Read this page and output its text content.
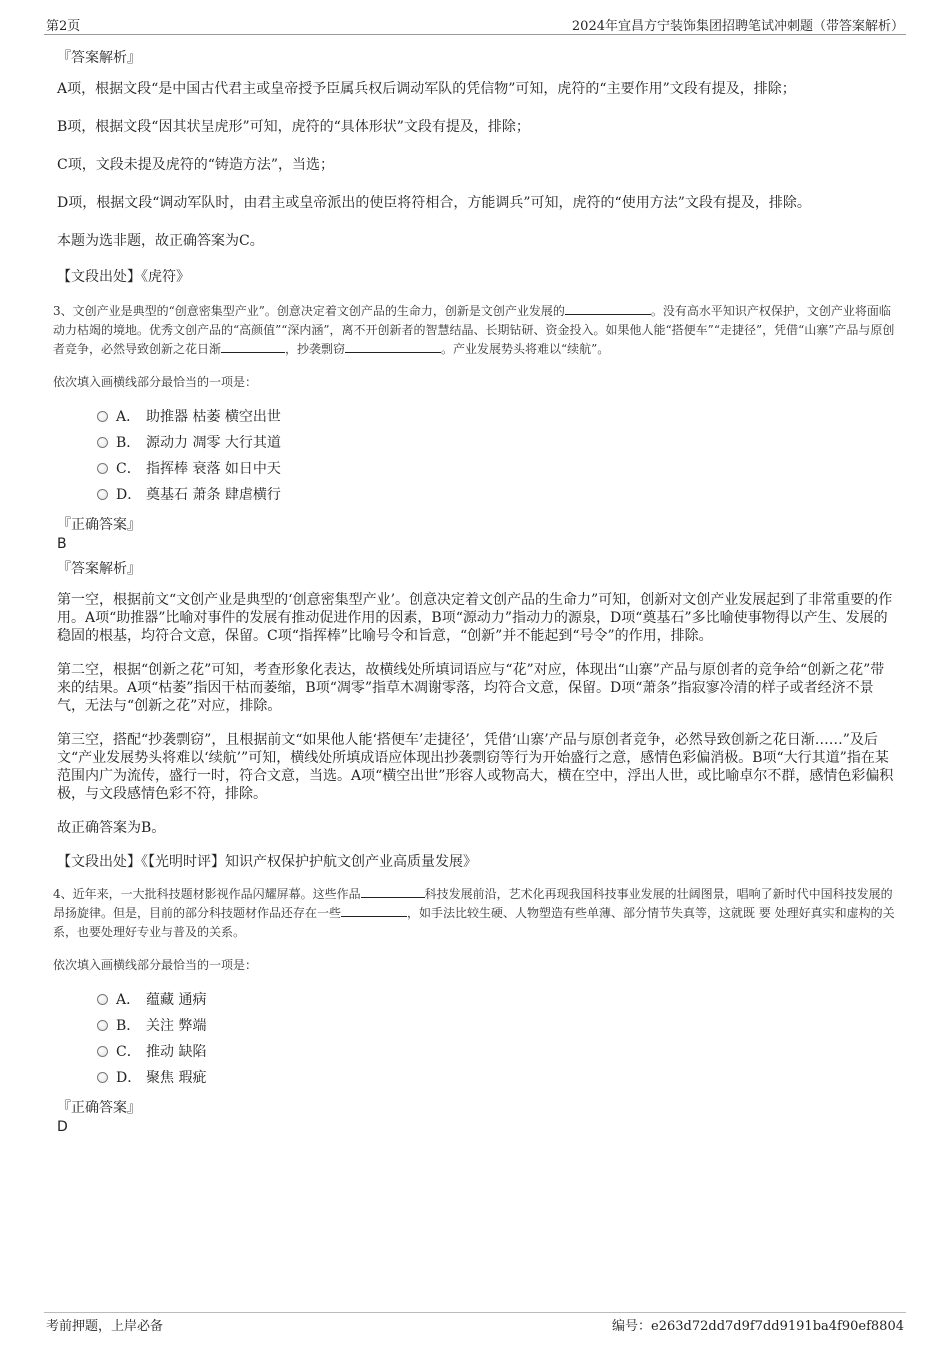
第2页	2024年宜昌方宁装饰集团招聘笔试冲刺题（带答案解析）
『答案解析』
A项，根据文段“是中国古代君主或皇帝授予臣属兵权后调动军队的凭信物”可知，虎符的“主要作用”文段有提及，排除；
B项，根据文段“因其状呈虎形”可知，虎符的“具体形状”文段有提及，排除；
C项，文段未提及虎符的“铸造方法”，当选；
D项，根据文段“调动军队时，由君主或皇帝派出的使臣将符相合，方能调兵”可知，虎符的“使用方法”文段有提及，排除。
本题为选非题，故正确答案为C。
【文段出处】《虎符》
3、文创产业是典型的“创意密集型产业”。创意决定着文创产品的生命力，创新是文创产业发展的	。没有高水平知识产权保护，文创产业将面临动力枯竭的境地。优秀文创产品的“高颜值”“深内涵”，离不开创新者的智慧结晶、长期钻研、资金投入。如果他人能“搭便车”“走捷径”，凭借“山寨”产品与原创者竞争，必然导致创新之花日渐	，抄袭剽窃	。产业发展势头将难以“续航”。
依次填入画横线部分最恰当的一项是：
A． 助推器 枯萎 横空出世
B． 源动力 凋零 大行其道
C． 指挥棒 衰落 如日中天
D． 奠基石 萧条 肆虐横行
『正确答案』
B
『答案解析』
第一空，根据前文“文创产业是典型的‘创意密集型产业’。创意决定着文创产品的生命力”可知，创新对文创产业发展起到了非常重要的作用。A项“助推器”比喻对事件的发展有推动促进作用的因素，B项“源动力”指动力的源泉，D项“奠基石”多比喻使事物得以产生、发展的稳固的根基，均符合文意，保留。C项“指挥棒”比喻号令和旨意，“创新”并不能起到“号令”的作用，排除。
第二空，根据“创新之花”可知，考查形象化表达，故横线处所填词语应与“花”对应，体现出“山寨”产品与原创者的竞争给“创新之花”带来的结果。A项“枯萎”指因干枯而萎缩，B项“凋零”指草木凋谢零落，均符合文意，保留。D项“萧条”指寂寥冷清的样子或者经济不景气，无法与“创新之花”对应，排除。
第三空，搭配“抄袭剽窃”，且根据前文“如果他人能‘搭便车’走捷径’，凭借‘山寨’产品与原创者竞争，必然导致创新之花日渐……”及后文“产业发展势头将难以‘续航’”可知，横线处所填成语应体现出抄袭剽窃等行为开始盛行之意，感情色彩偏消极。B项“大行其道”指在某范围内广为流传，盛行一时，符合文意，当选。A项“横空出世”形容人或物高大，横在空中，浮出人世，或比喻卓尔不群，感情色彩偏积极，与文段感情色彩不符，排除。
故正确答案为B。
【文段出处】《【光明时评】知识产权保护护航文创产业高质量发展》
4、近年来，一大批科技题材影视作品闪耀屏幕。这些作品	科技发展前沿，艺术化再现我国科技事业发展的壮阔图景，唱响了新时代中国科技发展的昂扬旋律。但是，目前的部分科技题材作品还存在一些	，如手法比较生硬、人物塑造有些单薄、部分情节失真等，这就既 要 处理好真实和虚构的关系，也要处理好专业与普及的关系。
依次填入画横线部分最恰当的一项是：
A． 蕴藏 通病
B． 关注 弊端
C． 推动 缺陷
D． 聚焦 瑕疵
『正确答案』
D
考前押题，上岸必备	编号：e263d72dd7d9f7dd9191ba4f90ef8804
